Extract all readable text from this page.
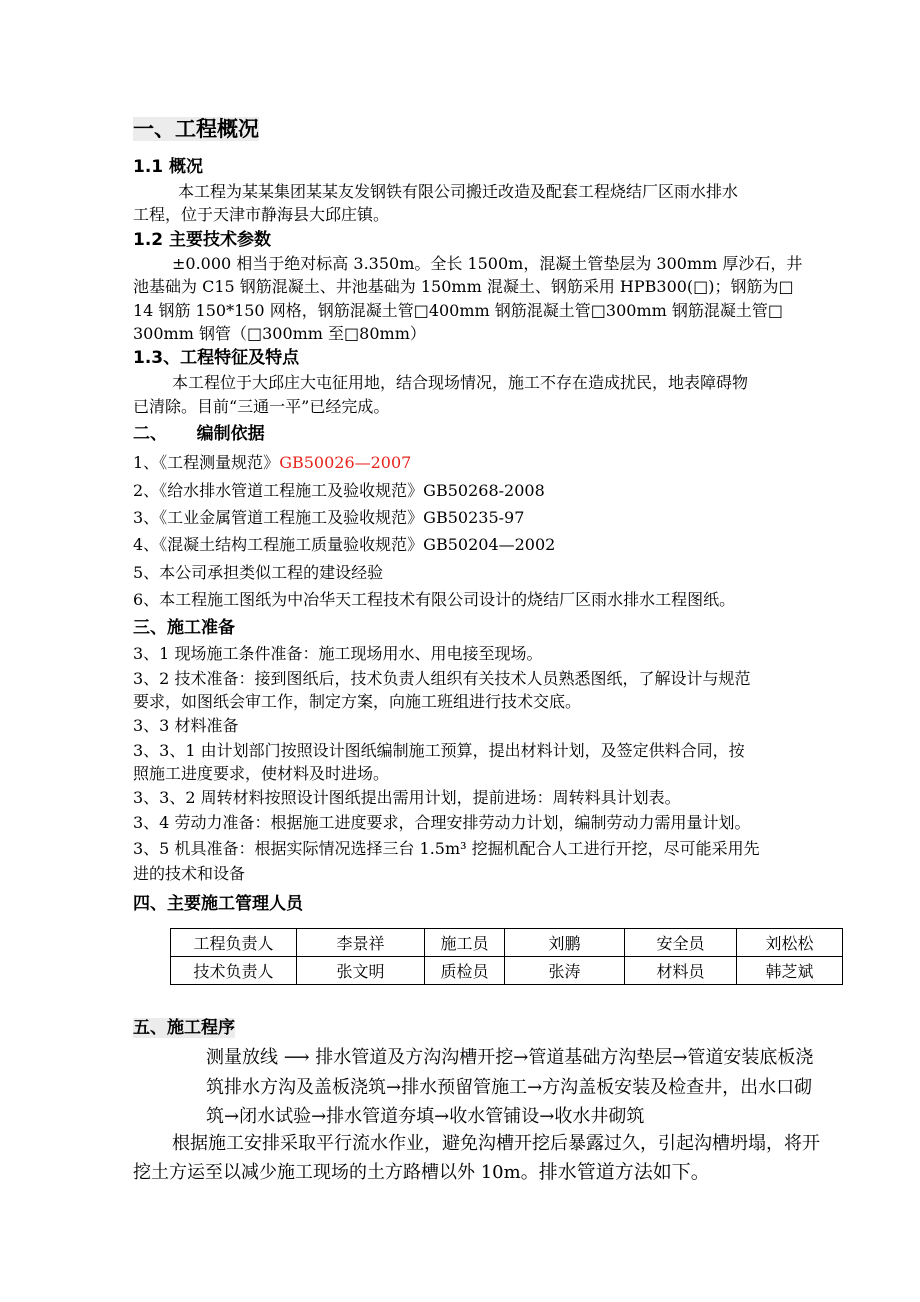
一、工程概况
1.1 概况
本工程为某某集团某某友发钢铁有限公司搬迁改造及配套工程烧结厂区雨水排水
工程，位于天津市静海县大邱庄镇。
1.2 主要技术参数
±0.000 相当于绝对标高 3.350m。全长 1500m，混凝土管垫层为 300mm 厚沙石，井
池基础为 C15 钢筋混凝土、井池基础为 150mm 混凝土、钢筋采用 HPB300(□)；钢筋为□
14 钢筋 150*150 网格，钢筋混凝土管□400mm 钢筋混凝土管□300mm 钢筋混凝土管□
300mm 钢管（□300mm 至□80mm）
1.3、工程特征及特点
本工程位于大邱庄大屯征用地，结合现场情况，施工不存在造成扰民，地表障碍物
已清除。目前“三通一平”已经完成。
二、     编制依据
1、《工程测量规范》GB50026—2007
2、《给水排水管道工程施工及验收规范》GB50268-2008
3、《工业金属管道工程施工及验收规范》GB50235-97
4、《混凝土结构工程施工质量验收规范》GB50204—2002
5、本公司承担类似工程的建设经验
6、本工程施工图纸为中冶华天工程技术有限公司设计的烧结厂区雨水排水工程图纸。
三、施工准备
3、1 现场施工条件准备：施工现场用水、用电接至现场。
3、2 技术准备：接到图纸后，技术负责人组织有关技术人员熟悉图纸，了解设计与规范
要求，如图纸会审工作，制定方案，向施工班组进行技术交底。
3、3 材料准备
3、3、1 由计划部门按照设计图纸编制施工预算，提出材料计划，及签定供料合同，按
照施工进度要求，使材料及时进场。
3、3、2 周转材料按照设计图纸提出需用计划，提前进场：周转料具计划表。
3、4 劳动力准备：根据施工进度要求，合理安排劳动力计划，编制劳动力需用量计划。
3、5 机具准备：根据实际情况选择三台 1.5m³ 挖掘机配合人工进行开挖，尽可能采用先
进的技术和设备
四、主要施工管理人员
工程负责人	李景祥	施工员	刘鹏	安全员	刘松松
技术负责人	张文明	质检员	张涛	材料员	韩芝斌
五、施工程序
测量放线 ⟶ 排水管道及方沟沟槽开挖→管道基础方沟垫层→管道安装底板浇
筑排水方沟及盖板浇筑→排水预留管施工→方沟盖板安装及检查井，出水口砌
筑→闭水试验→排水管道夯填→收水管铺设→收水井砌筑
根据施工安排采取平行流水作业，避免沟槽开挖后暴露过久，引起沟槽坍塌，将开
挖土方运至以减少施工现场的土方路槽以外 10m。排水管道方法如下。
